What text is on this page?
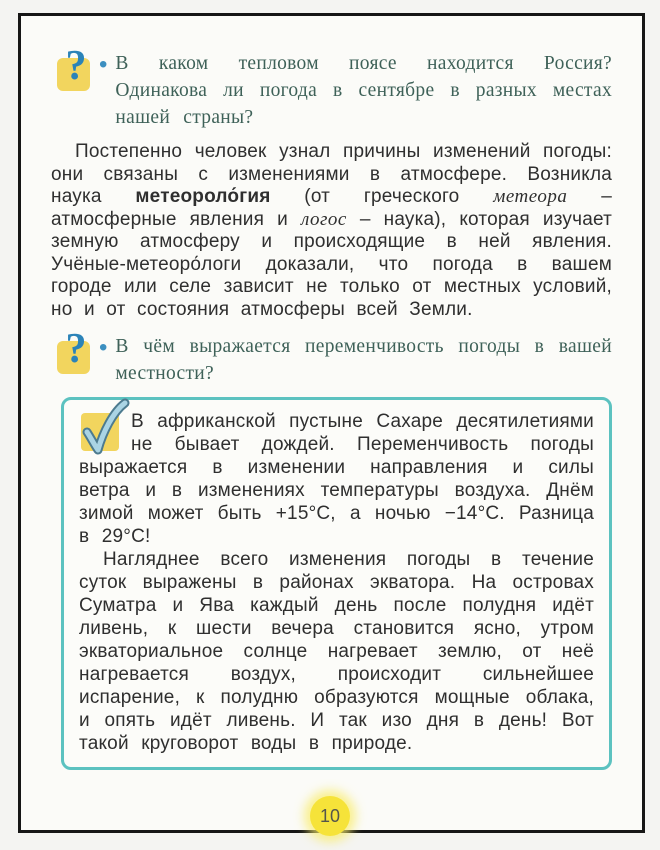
? • В каком тепловом поясе находится Россия? Одинакова ли погода в сентябре в разных местах нашей страны?

Постепенно человек узнал причины изменений погоды: они связаны с изменениями в атмосфере. Возникла наука метеороло́гия (от греческого метеора – атмосферные явления и логос – наука), которая изучает земную атмосферу и происходящие в ней явления. Учёные-метеоро́логи доказали, что погода в вашем городе или селе зависит не только от местных условий, но и от состояния атмосферы всей Земли.

? • В чём выражается переменчивость погоды в вашей местности?

В африканской пустыне Сахаре десятилетиями не бывает дождей. Переменчивость погоды выражается в изменении направления и силы ветра и в изменениях температуры воздуха. Днём зимой может быть +15°С, а ночью −14°С. Разница в 29°С!

Нагляднее всего изменения погоды в течение суток выражены в районах экватора. На островах Суматра и Ява каждый день после полудня идёт ливень, к шести вечера становится ясно, утром экваториальное солнце нагревает землю, от неё нагревается воздух, происходит сильнейшее испарение, к полудню образуются мощные облака, и опять идёт ливень. И так изо дня в день! Вот такой круговорот воды в природе.

10
